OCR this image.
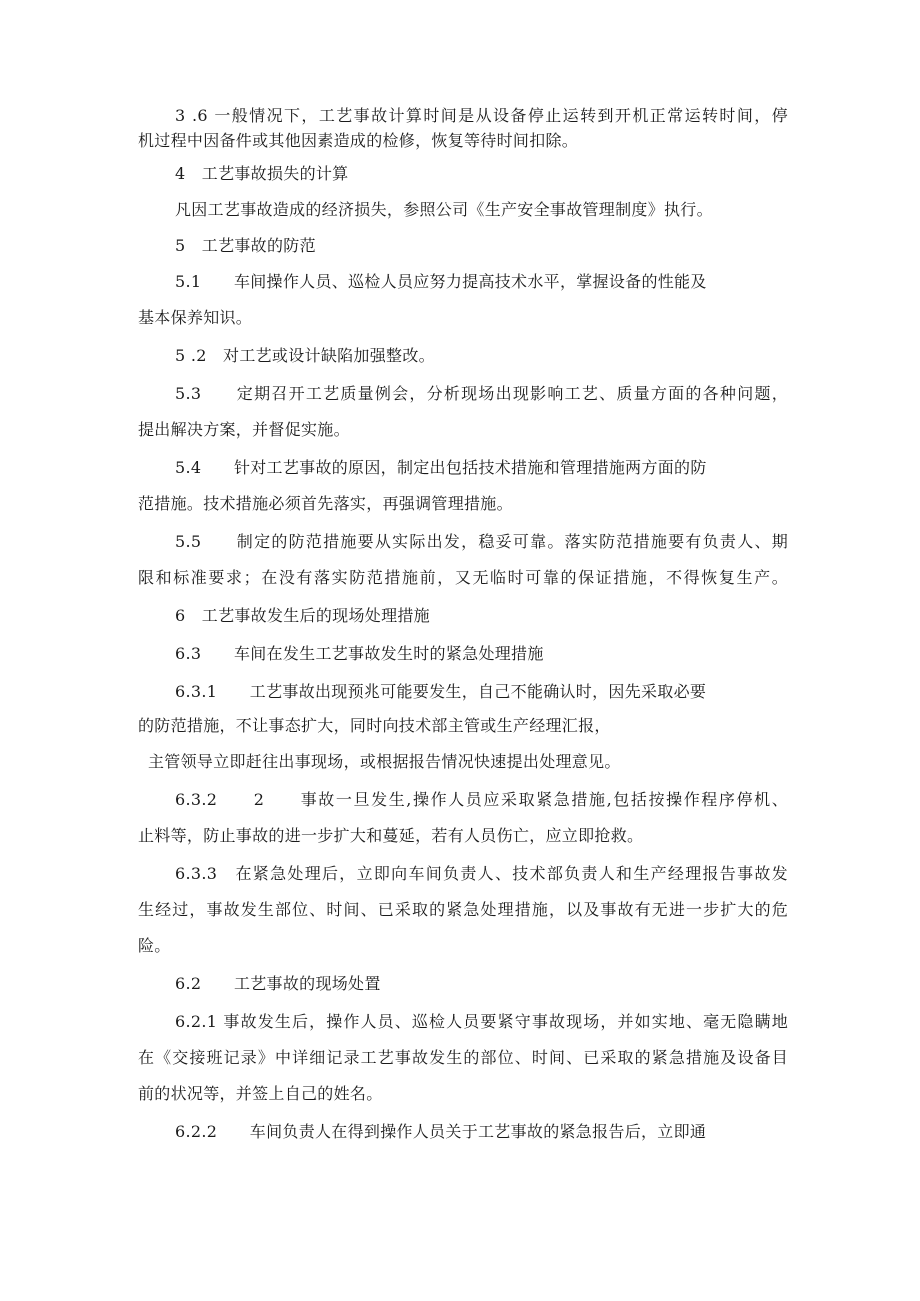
3 .6 一般情况下，工艺事故计算时间是从设备停止运转到开机正常运转时间，停
机过程中因备件或其他因素造成的检修，恢复等待时间扣除。
4　工艺事故损失的计算
凡因工艺事故造成的经济损失，参照公司《生产安全事故管理制度》执行。
5　工艺事故的防范
5.1　　车间操作人员、巡检人员应努力提高技术水平，掌握设备的性能及
基本保养知识。
5 .2　对工艺或设计缺陷加强整改。
5.3　　定期召开工艺质量例会，分析现场出现影响工艺、质量方面的各种问题，
提出解决方案，并督促实施。
5.4　　针对工艺事故的原因，制定出包括技术措施和管理措施两方面的防
范措施。技术措施必须首先落实，再强调管理措施。
5.5　　制定的防范措施要从实际出发，稳妥可靠。落实防范措施要有负责人、期
限和标准要求；在没有落实防范措施前，又无临时可靠的保证措施，不得恢复生产。
6　工艺事故发生后的现场处理措施
6.3　　车间在发生工艺事故发生时的紧急处理措施
6.3.1　　工艺事故出现预兆可能要发生，自己不能确认时，因先采取必要
的防范措施，不让事态扩大，同时向技术部主管或生产经理汇报，
主管领导立即赶往出事现场，或根据报告情况快速提出处理意见。
6.3.2　　2　　事故一旦发生,操作人员应采取紧急措施,包括按操作程序停机、
止料等，防止事故的进一步扩大和蔓延，若有人员伤亡，应立即抢救。
6.3.3　在紧急处理后，立即向车间负责人、技术部负责人和生产经理报告事故发
生经过，事故发生部位、时间、已采取的紧急处理措施，以及事故有无进一步扩大的危
险。
6.2　　工艺事故的现场处置
6.2.1 事故发生后，操作人员、巡检人员要紧守事故现场，并如实地、毫无隐瞒地
在《交接班记录》中详细记录工艺事故发生的部位、时间、已采取的紧急措施及设备目
前的状况等，并签上自己的姓名。
6.2.2　　车间负责人在得到操作人员关于工艺事故的紧急报告后，立即通
